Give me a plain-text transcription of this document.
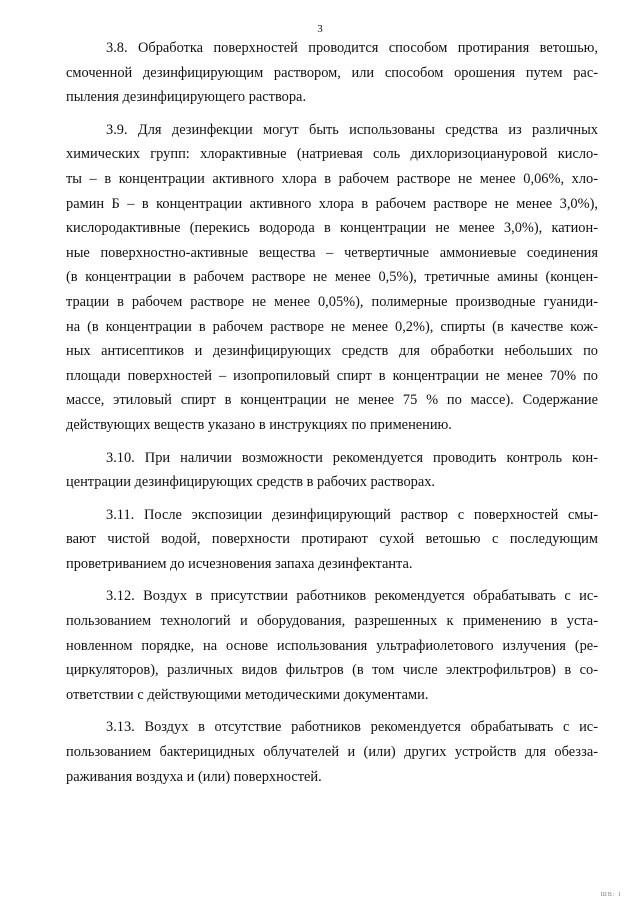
3
3.8. Обработка поверхностей проводится способом протирания ветошью,
смоченной дезинфицирующим раствором, или способом орошения путем рас-
пыления дезинфицирующего раствора.
3.9. Для дезинфекции могут быть использованы средства из различных
химических групп: хлорактивные (натриевая соль дихлоризоциануровой кисло-
ты – в концентрации активного хлора в рабочем растворе не менее 0,06%, хло-
рамин Б – в концентрации активного хлора в рабочем растворе не менее 3,0%),
кислородактивные (перекись водорода в концентрации не менее 3,0%), катион-
ные поверхностно-активные вещества – четвертичные аммониевые соединения
(в концентрации в рабочем растворе не менее 0,5%), третичные амины (концен-
трации в рабочем растворе не менее 0,05%), полимерные производные гуаниди-
на (в концентрации в рабочем растворе не менее 0,2%), спирты (в качестве кож-
ных антисептиков и дезинфицирующих средств для обработки небольших по
площади поверхностей – изопропиловый спирт в концентрации не менее 70% по
массе, этиловый спирт в концентрации не менее 75 % по массе). Содержание
действующих веществ указано в инструкциях по применению.
3.10. При наличии возможности рекомендуется проводить контроль кон-
центрации дезинфицирующих средств в рабочих растворах.
3.11. После экспозиции дезинфицирующий раствор с поверхностей смы-
вают чистой водой, поверхности протирают сухой ветошью с последующим
проветриванием до исчезновения запаха дезинфектанта.
3.12. Воздух в присутствии работников рекомендуется обрабатывать с ис-
пользованием технологий и оборудования, разрешенных к применению в уста-
новленном порядке, на основе использования ультрафиолетового излучения (ре-
циркуляторов), различных видов фильтров (в том числе электрофильтров) в со-
ответствии с действующими методическими документами.
3.13. Воздух в отсутствие работников рекомендуется обрабатывать с ис-
пользованием бактерицидных облучателей и (или) других устройств для обезза-
раживания воздуха и (или) поверхностей.
ШВ: 1
